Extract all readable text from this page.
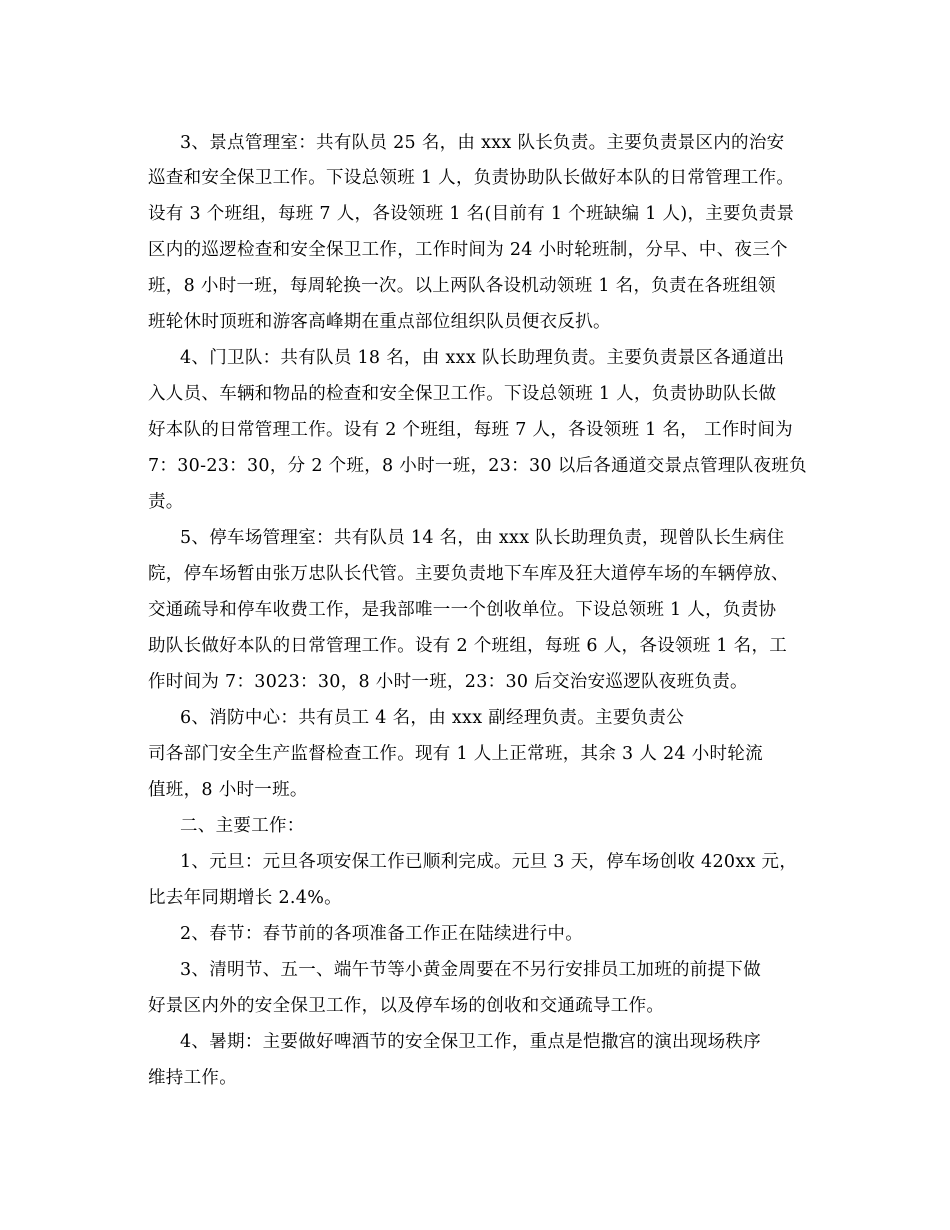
3、景点管理室：共有队员 25 名，由 xxx 队长负责。主要负责景区内的治安
巡查和安全保卫工作。下设总领班 1 人，负责协助队长做好本队的日常管理工作。
设有 3 个班组，每班 7 人，各设领班 1 名(目前有 1 个班缺编 1 人)，主要负责景
区内的巡逻检查和安全保卫工作，工作时间为 24 小时轮班制，分早、中、夜三个
班，8 小时一班，每周轮换一次。以上两队各设机动领班 1 名，负责在各班组领
班轮休时顶班和游客高峰期在重点部位组织队员便衣反扒。
4、门卫队：共有队员 18 名，由 xxx 队长助理负责。主要负责景区各通道出
入人员、车辆和物品的检查和安全保卫工作。下设总领班 1 人，负责协助队长做
好本队的日常管理工作。设有 2 个班组，每班 7 人，各设领班 1 名， 工作时间为
7：30-23：30，分 2 个班，8 小时一班，23：30 以后各通道交景点管理队夜班负
责。
5、停车场管理室：共有队员 14 名，由 xxx 队长助理负责，现曾队长生病住
院，停车场暂由张万忠队长代管。主要负责地下车库及狂大道停车场的车辆停放、
交通疏导和停车收费工作，是我部唯一一个创收单位。下设总领班 1 人，负责协
助队长做好本队的日常管理工作。设有 2 个班组，每班 6 人，各设领班 1 名，工
作时间为 7：3023：30，8 小时一班，23：30 后交治安巡逻队夜班负责。
6、消防中心：共有员工 4 名，由 xxx 副经理负责。主要负责公
司各部门安全生产监督检查工作。现有 1 人上正常班，其余 3 人 24 小时轮流
值班，8 小时一班。
二、主要工作：
1、元旦：元旦各项安保工作已顺利完成。元旦 3 天，停车场创收 420xx 元，
比去年同期增长 2.4%。
2、春节：春节前的各项准备工作正在陆续进行中。
3、清明节、五一、端午节等小黄金周要在不另行安排员工加班的前提下做
好景区内外的安全保卫工作，以及停车场的创收和交通疏导工作。
4、暑期：主要做好啤酒节的安全保卫工作，重点是恺撒宫的演出现场秩序
维持工作。
